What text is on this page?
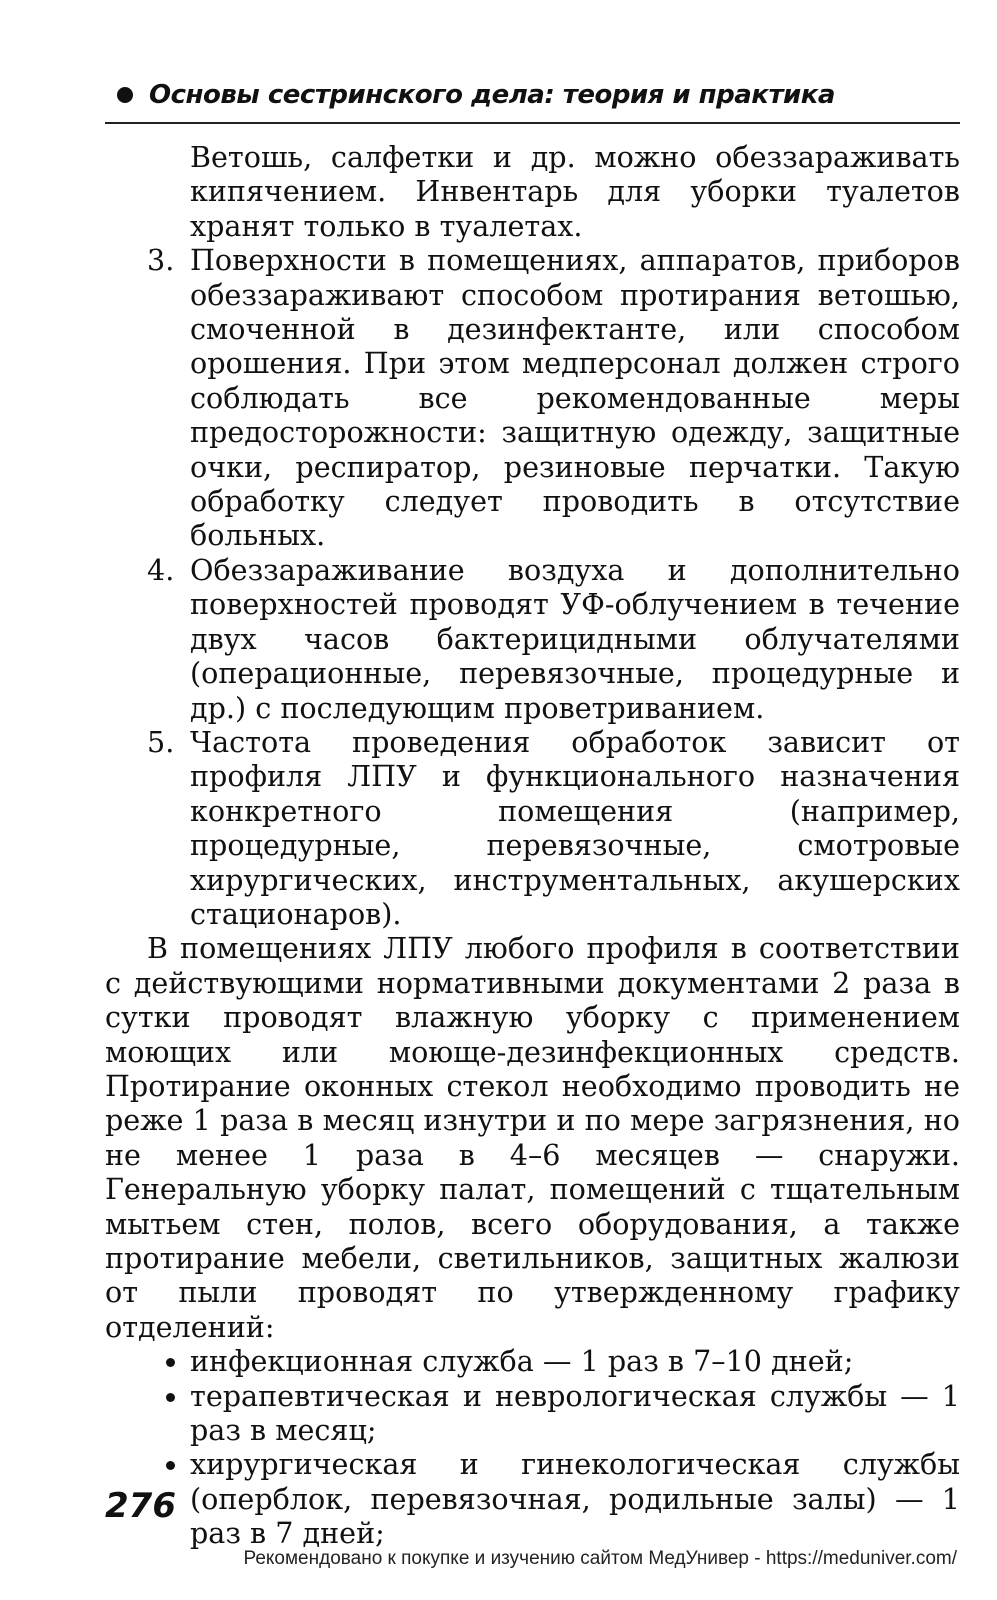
Основы сестринского дела: теория и практика

Ветошь, салфетки и др. можно обеззараживать кипячением. Инвентарь для уборки туалетов хранят только в туалетах.

3. Поверхности в помещениях, аппаратов, приборов обеззараживают способом протирания ветошью, смоченной в дезинфектанте, или способом орошения. При этом медперсонал должен строго соблюдать все рекомендованные меры предосторожности: защитную одежду, защитные очки, респиратор, резиновые перчатки. Такую обработку следует проводить в отсутствие больных.

4. Обеззараживание воздуха и дополнительно поверхностей проводят УФ-облучением в течение двух часов бактерицидными облучателями (операционные, перевязочные, процедурные и др.) с последующим проветриванием.

5. Частота проведения обработок зависит от профиля ЛПУ и функционального назначения конкретного помещения (например, процедурные, перевязочные, смотровые хирургических, инструментальных, акушерских стационаров).

В помещениях ЛПУ любого профиля в соответствии с действующими нормативными документами 2 раза в сутки проводят влажную уборку с применением моющих или моюще-дезинфекционных средств. Протирание оконных стекол необходимо проводить не реже 1 раза в месяц изнутри и по мере загрязнения, но не менее 1 раза в 4–6 месяцев — снаружи. Генеральную уборку палат, помещений с тщательным мытьем стен, полов, всего оборудования, а также протирание мебели, светильников, защитных жалюзи от пыли проводят по утвержденному графику отделений:

инфекционная служба — 1 раз в 7–10 дней;

терапевтическая и неврологическая службы — 1 раз в месяц;

хирургическая и гинекологическая службы (оперблок, перевязочная, родильные залы) — 1 раз в 7 дней;

276
Рекомендовано к покупке и изучению сайтом МедУнивер - https://meduniver.com/
